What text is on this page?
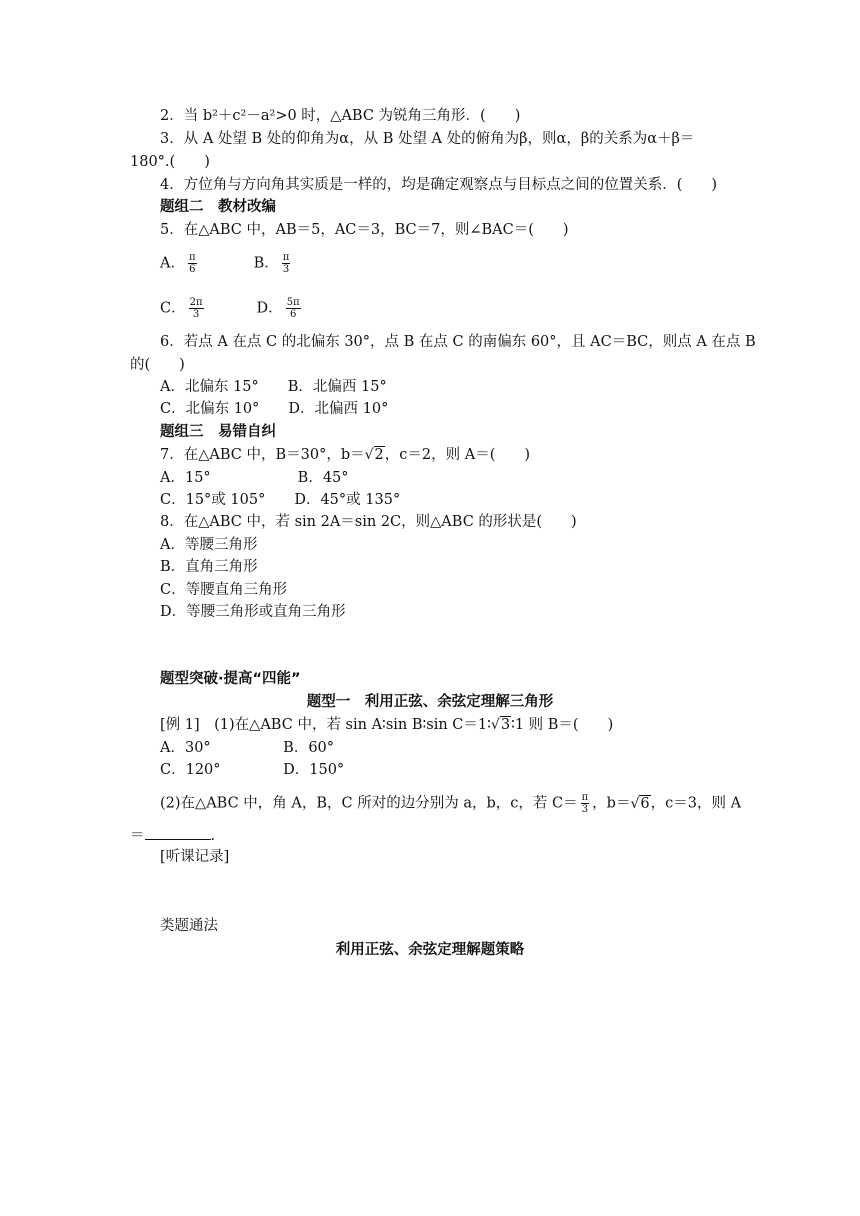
2．当 b²＋c²－a²>0 时，△ABC 为锐角三角形．(　　)
3．从 A 处望 B 处的仰角为α，从 B 处望 A 处的俯角为β，则α，β的关系为α＋β＝
180°.(　　)
4．方位角与方向角其实质是一样的，均是确定观察点与目标点之间的位置关系．(　　)
题组二　教材改编
5．在△ABC 中，AB＝5，AC＝3，BC＝7，则∠BAC＝(　　)
A． $\frac{\pi}{6}$	B． $\frac{\pi}{3}$
C． $\frac{2\pi}{3}$	D． $\frac{5\pi}{6}$
6．若点 A 在点 C 的北偏东 30°，点 B 在点 C 的南偏东 60°，且 AC＝BC，则点 A 在点 B
的(　　)
A．北偏东 15°　　B．北偏西 15°
C．北偏东 10°　　D．北偏西 10°
题组三　易错自纠
7．在△ABC 中，B＝30°，b＝√2，c＝2，则 A＝(　　)
A．15°　　　　　　B．45°
C．15°或 105°　　D．45°或 135°
8．在△ABC 中，若 sin 2A＝sin 2C，则△ABC 的形状是(　　)
A．等腰三角形
B．直角三角形
C．等腰直角三角形
D．等腰三角形或直角三角形
题型突破·提高“四能”
题型一　利用正弦、余弦定理解三角形
[例 1]　(1)在△ABC 中，若 sin A∶sin B∶sin C＝1∶√3∶1 则 B＝(　　)
A．30°　　　　　B．60°
C．120°　　　　 D．150°
(2)在△ABC 中，角 A，B，C 所对的边分别为 a，b，c，若 $C= \frac{\pi}{3}$ ，b＝√6，c＝3，则 A
＝	.
[听课记录]
类题通法
利用正弦、余弦定理解题策略
